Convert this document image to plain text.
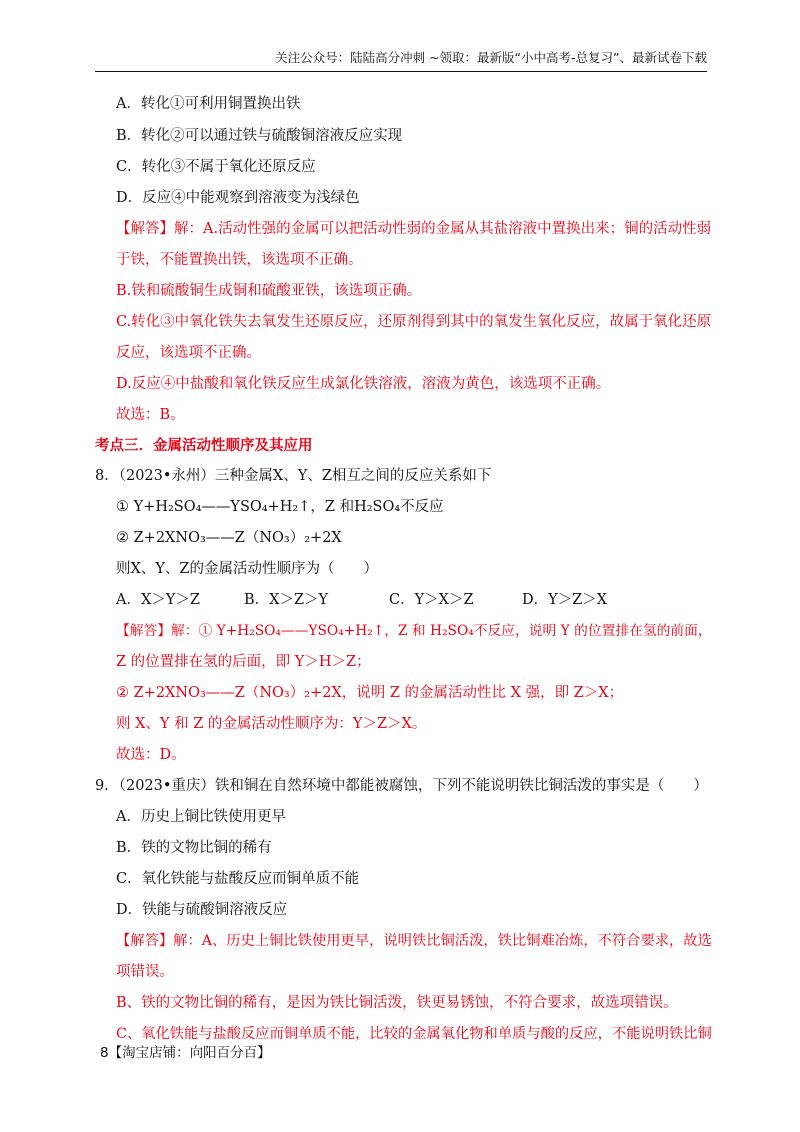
关注公众号：陆陆高分冲刺 ~领取：最新版“小中高考-总复习”、最新试卷下载
A．转化①可利用铜置换出铁
B．转化②可以通过铁与硫酸铜溶液反应实现
C．转化③不属于氧化还原反应
D．反应④中能观察到溶液变为浅绿色
【解答】解：A.活动性强的金属可以把活动性弱的金属从其盐溶液中置换出来；铜的活动性弱
于铁，不能置换出铁，该选项不正确。
B.铁和硫酸铜生成铜和硫酸亚铁，该选项正确。
C.转化③中氧化铁失去氧发生还原反应，还原剂得到其中的氧发生氧化反应，故属于氧化还原
反应，该选项不正确。
D.反应④中盐酸和氧化铁反应生成氯化铁溶液，溶液为黄色，该选项不正确。
故选：B。
考点三．金属活动性顺序及其应用
8．（2023•永州）三种金属X、Y、Z相互之间的反应关系如下
① Y+H₂SO₄——YSO₄+H₂↑，Z 和H₂SO₄不反应
② Z+2XNO₃——Z（NO₃）₂+2X
则X、Y、Z的金属活动性顺序为（　　）
A．X＞Y＞Z	B．X＞Z＞Y	C．Y＞X＞Z	D．Y＞Z＞X
【解答】解：① Y+H₂SO₄——YSO₄+H₂↑，Z 和 H₂SO₄不反应，说明 Y 的位置排在氢的前面，
Z 的位置排在氢的后面，即 Y＞H＞Z；
② Z+2XNO₃——Z（NO₃）₂+2X，说明 Z 的金属活动性比 X 强，即 Z＞X；
则 X、Y 和 Z 的金属活动性顺序为：Y＞Z＞X。
故选：D。
9．（2023•重庆）铁和铜在自然环境中都能被腐蚀，下列不能说明铁比铜活泼的事实是（　　）
A．历史上铜比铁使用更早
B．铁的文物比铜的稀有
C．氧化铁能与盐酸反应而铜单质不能
D．铁能与硫酸铜溶液反应
【解答】解：A、历史上铜比铁使用更早，说明铁比铜活泼，铁比铜难冶炼，不符合要求，故选
项错误。
B、铁的文物比铜的稀有，是因为铁比铜活泼，铁更易锈蚀，不符合要求，故选项错误。
C、氧化铁能与盐酸反应而铜单质不能，比较的金属氧化物和单质与酸的反应，不能说明铁比铜
8【淘宝店铺：向阳百分百】
